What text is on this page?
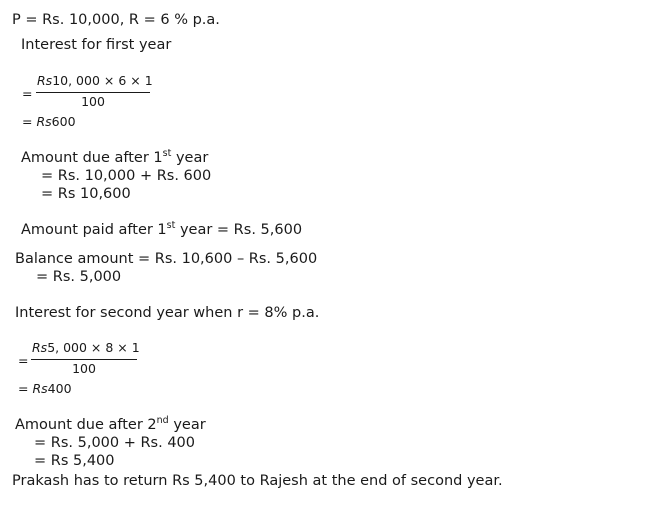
P = Rs. 10,000, R = 6 % p.a.
Interest for first year
=
Rs10, 000 × 6 × 1
100
= Rs600
Amount due after 1st year
= Rs. 10,000 + Rs. 600
= Rs 10,600
Amount paid after 1st year = Rs. 5,600
Balance amount = Rs. 10,600 – Rs. 5,600
= Rs. 5,000
Interest for second year when r = 8% p.a.
=
Rs5, 000 × 8 × 1
100
= Rs400
Amount due after 2nd year
= Rs. 5,000 + Rs. 400
= Rs 5,400
Prakash has to return Rs 5,400 to Rajesh at the end of second year.
